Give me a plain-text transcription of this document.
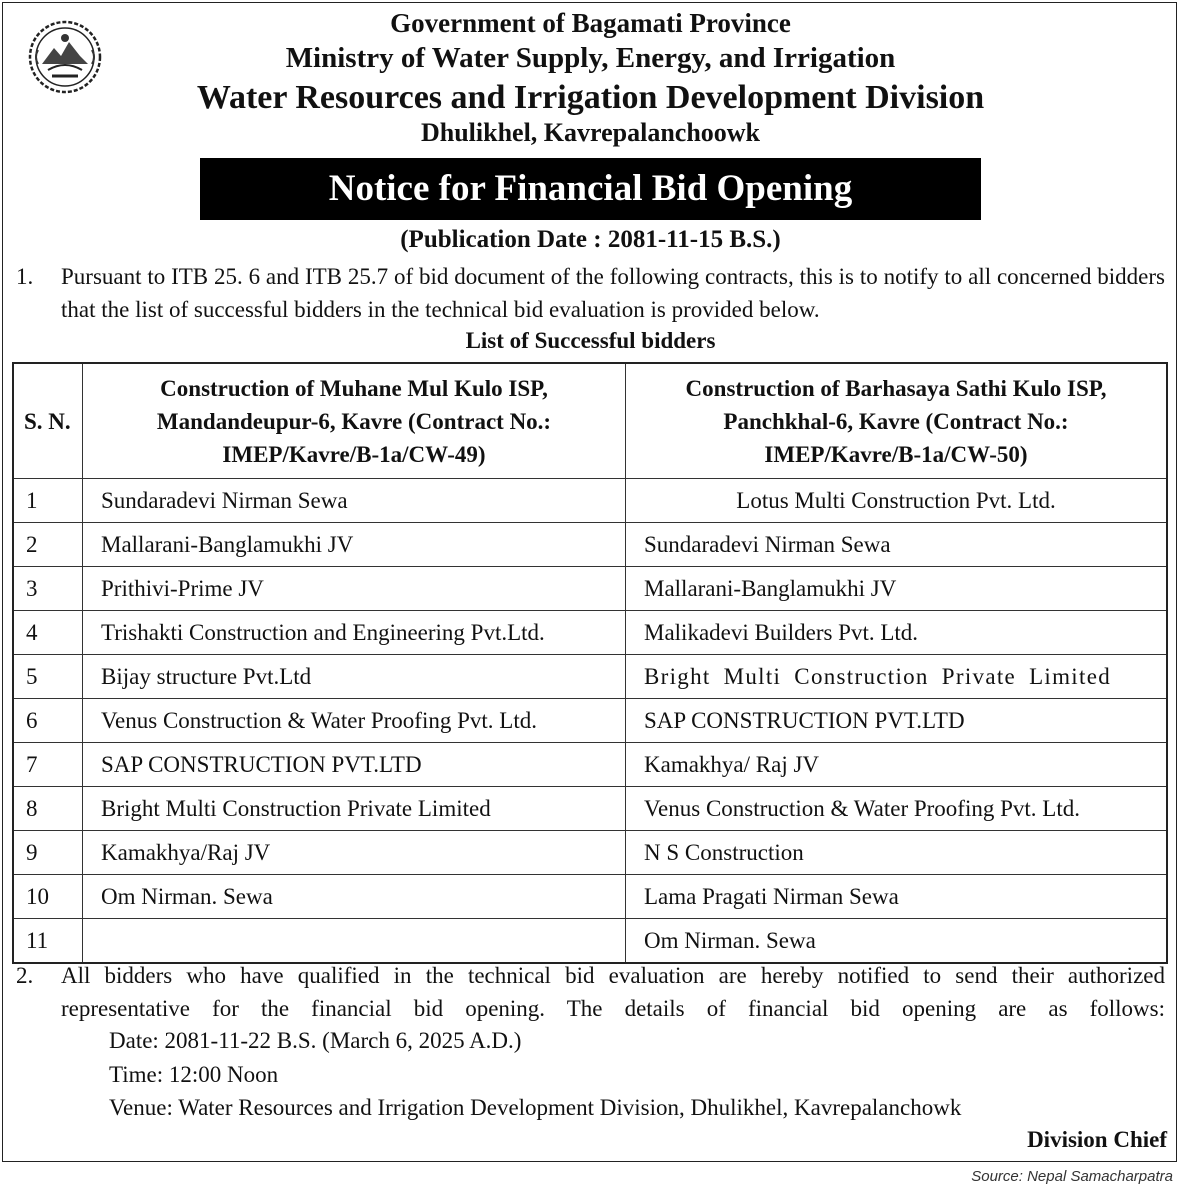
Government of Bagamati Province
Ministry of Water Supply, Energy, and Irrigation
Water Resources and Irrigation Development Division
Dhulikhel, Kavrepalanchoowk
Notice for Financial Bid Opening
(Publication Date : 2081-11-15 B.S.)
1. Pursuant to ITB 25. 6 and ITB 25.7 of bid document of the following contracts, this is to notify to all concerned bidders that the list of successful bidders in the technical bid evaluation is provided below.
List of Successful bidders
S. N.	Construction of Muhane Mul Kulo ISP, Mandandeupur-6, Kavre (Contract No.: IMEP/Kavre/B-1a/CW-49)	Construction of Barhasaya Sathi Kulo ISP, Panchkhal-6, Kavre (Contract No.: IMEP/Kavre/B-1a/CW-50)
1	Sundaradevi Nirman Sewa	Lotus Multi Construction Pvt. Ltd.
2	Mallarani-Banglamukhi JV	Sundaradevi Nirman Sewa
3	Prithivi-Prime JV	Mallarani-Banglamukhi JV
4	Trishakti Construction and Engineering Pvt.Ltd.	Malikadevi Builders Pvt. Ltd.
5	Bijay structure Pvt.Ltd	Bright Multi Construction Private Limited
6	Venus Construction & Water Proofing Pvt. Ltd.	SAP CONSTRUCTION PVT.LTD
7	SAP CONSTRUCTION PVT.LTD	Kamakhya/ Raj JV
8	Bright Multi Construction Private Limited	Venus Construction & Water Proofing Pvt. Ltd.
9	Kamakhya/Raj JV	N S Construction
10	Om Nirman. Sewa	Lama Pragati Nirman Sewa
11		Om Nirman. Sewa
2. All bidders who have qualified in the technical bid evaluation are hereby notified to send their authorized representative for the financial bid opening. The details of financial bid opening are as follows:
Date: 2081-11-22 B.S. (March 6, 2025 A.D.)
Time: 12:00 Noon
Venue: Water Resources and Irrigation Development Division, Dhulikhel, Kavrepalanchowk
Division Chief
Source: Nepal Samacharpatra
